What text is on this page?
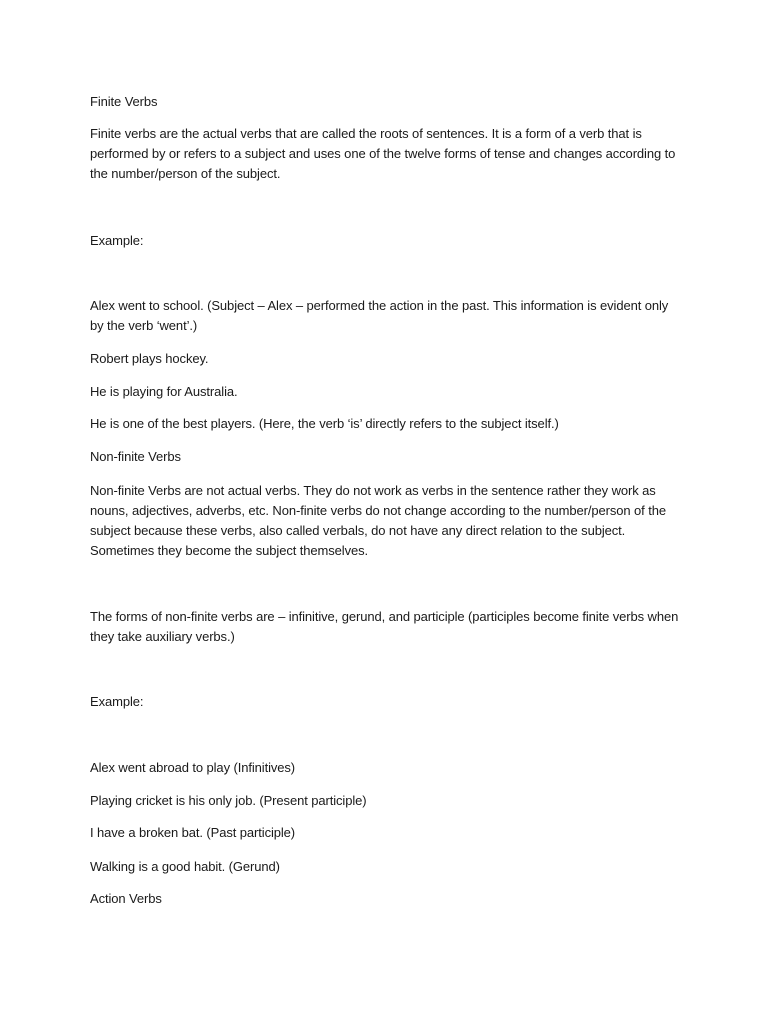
Finite Verbs

Finite verbs are the actual verbs that are called the roots of sentences. It is a form of a verb that is performed by or refers to a subject and uses one of the twelve forms of tense and changes according to the number/person of the subject.

Example:

Alex went to school. (Subject – Alex – performed the action in the past. This information is evident only by the verb ‘went’.)

Robert plays hockey.

He is playing for Australia.

He is one of the best players. (Here, the verb ‘is’ directly refers to the subject itself.)

Non-finite Verbs

Non-finite Verbs are not actual verbs. They do not work as verbs in the sentence rather they work as nouns, adjectives, adverbs, etc. Non-finite verbs do not change according to the number/person of the subject because these verbs, also called verbals, do not have any direct relation to the subject. Sometimes they become the subject themselves.

The forms of non-finite verbs are – infinitive, gerund, and participle (participles become finite verbs when they take auxiliary verbs.)

Example:

Alex went abroad to play (Infinitives)

Playing cricket is his only job. (Present participle)

I have a broken bat. (Past participle)

Walking is a good habit. (Gerund)

Action Verbs
